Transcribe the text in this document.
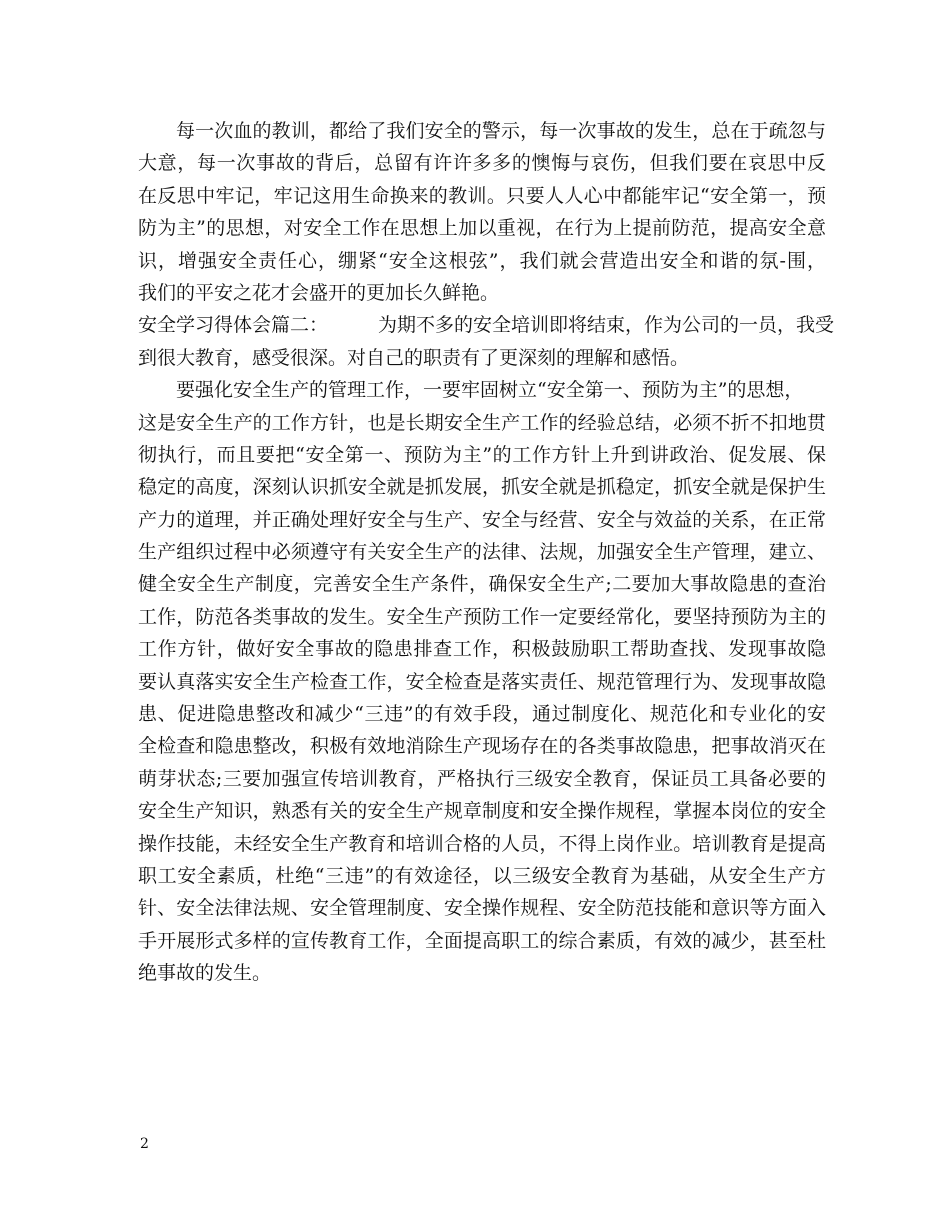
每一次血的教训，都给了我们安全的警示，每一次事故的发生，总在于疏忽与
大意，每一次事故的背后，总留有许许多多的懊悔与哀伤，但我们要在哀思中反
在反思中牢记，牢记这用生命换来的教训。只要人人心中都能牢记“安全第一，预
防为主”的思想，对安全工作在思想上加以重视，在行为上提前防范，提高安全意
识，增强安全责任心，绷紧“安全这根弦”，我们就会营造出安全和谐的氛-围，
我们的平安之花才会盛开的更加长久鲜艳。
安全学习得体会篇二：	为期不多的安全培训即将结束，作为公司的一员，我受
到很大教育，感受很深。对自己的职责有了更深刻的理解和感悟。
要强化安全生产的管理工作，一要牢固树立“安全第一、预防为主”的思想，
这是安全生产的工作方针，也是长期安全生产工作的经验总结，必须不折不扣地贯
彻执行，而且要把“安全第一、预防为主”的工作方针上升到讲政治、促发展、保
稳定的高度，深刻认识抓安全就是抓发展，抓安全就是抓稳定，抓安全就是保护生
产力的道理，并正确处理好安全与生产、安全与经营、安全与效益的关系，在正常
生产组织过程中必须遵守有关安全生产的法律、法规，加强安全生产管理，建立、
健全安全生产制度，完善安全生产条件，确保安全生产;二要加大事故隐患的查治
工作，防范各类事故的发生。安全生产预防工作一定要经常化，要坚持预防为主的
工作方针，做好安全事故的隐患排查工作，积极鼓励职工帮助查找、发现事故隐
要认真落实安全生产检查工作，安全检查是落实责任、规范管理行为、发现事故隐
患、促进隐患整改和减少“三违”的有效手段，通过制度化、规范化和专业化的安
全检查和隐患整改，积极有效地消除生产现场存在的各类事故隐患，把事故消灭在
萌芽状态;三要加强宣传培训教育，严格执行三级安全教育，保证员工具备必要的
安全生产知识，熟悉有关的安全生产规章制度和安全操作规程，掌握本岗位的安全
操作技能，未经安全生产教育和培训合格的人员，不得上岗作业。培训教育是提高
职工安全素质，杜绝“三违”的有效途径，以三级安全教育为基础，从安全生产方
针、安全法律法规、安全管理制度、安全操作规程、安全防范技能和意识等方面入
手开展形式多样的宣传教育工作，全面提高职工的综合素质，有效的减少，甚至杜
绝事故的发生。
2
